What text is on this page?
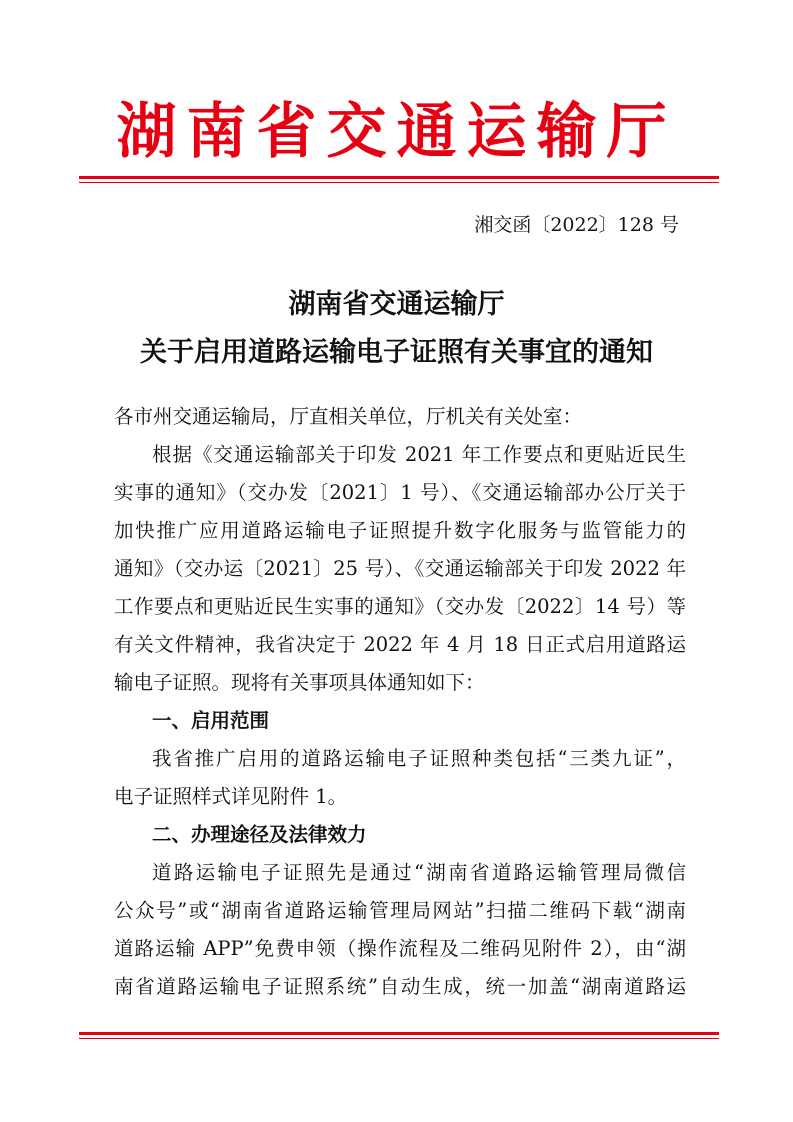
湖南省交通运输厅
湘交函〔2022〕128 号
湖南省交通运输厅
关于启用道路运输电子证照有关事宜的通知
各市州交通运输局，厅直相关单位，厅机关有关处室：
根据《交通运输部关于印发 2021 年工作要点和更贴近民生
实事的通知》（交办发〔2021〕1 号）、《交通运输部办公厅关于
加快推广应用道路运输电子证照提升数字化服务与监管能力的
通知》（交办运〔2021〕25 号）、《交通运输部关于印发 2022 年
工作要点和更贴近民生实事的通知》（交办发〔2022〕14 号）等
有关文件精神，我省决定于 2022 年 4 月 18 日正式启用道路运
输电子证照。现将有关事项具体通知如下：
一、启用范围
我省推广启用的道路运输电子证照种类包括“三类九证”，
电子证照样式详见附件 1。
二、办理途径及法律效力
道路运输电子证照先是通过“湖南省道路运输管理局微信
公众号”或“湖南省道路运输管理局网站”扫描二维码下载“湖南
道路运输 APP”免费申领（操作流程及二维码见附件 2），由“湖
南省道路运输电子证照系统”自动生成，统一加盖“湖南道路运
